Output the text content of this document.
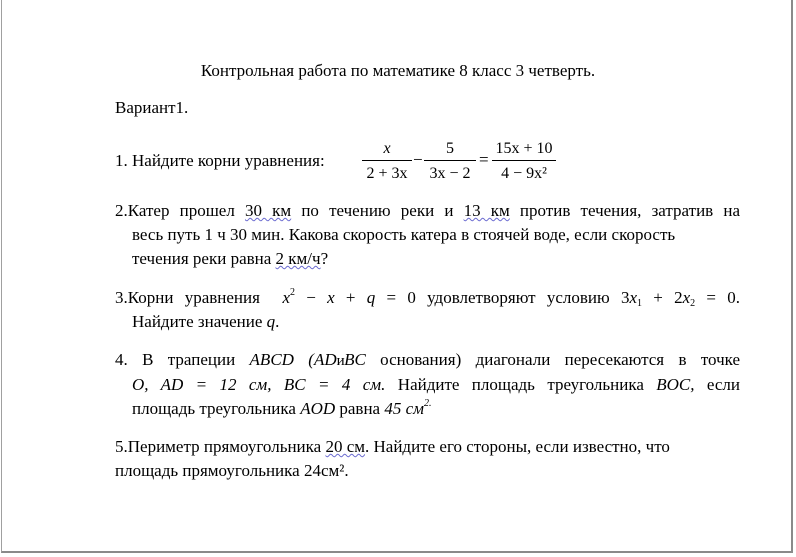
Контрольная работа по математике 8 класс 3 четверть.
Вариант1.
1. Найдите корни уравнения: $\frac{x}{2 + 3x} - \frac{5}{3x - 2} = \frac{15x + 10}{\text{4 − 9x²}}$
2.Катер прошел 30 км по течению реки и 13 км против течения, затратив на
весь путь 1 ч 30 мин. Какова скорость катера в стоячей воде, если скорость
течения реки равна 2 км/ч?
3.Корни уравнения $x^2 - x + q = 0$ удовлетворяют условию $3x_1 + 2x_2 = 0$.
Найдите значение q.
4. В трапеции ABCD (ADиBC основания) диагонали пересекаются в точке
O, AD = 12 см, BC = 4 см. Найдите площадь треугольника BOC, если
площадь треугольника AOD равна 45 $см^{2.}$
5.Периметр прямоугольника 20 см. Найдите его стороны, если известно, что
площадь прямоугольника 24см².
